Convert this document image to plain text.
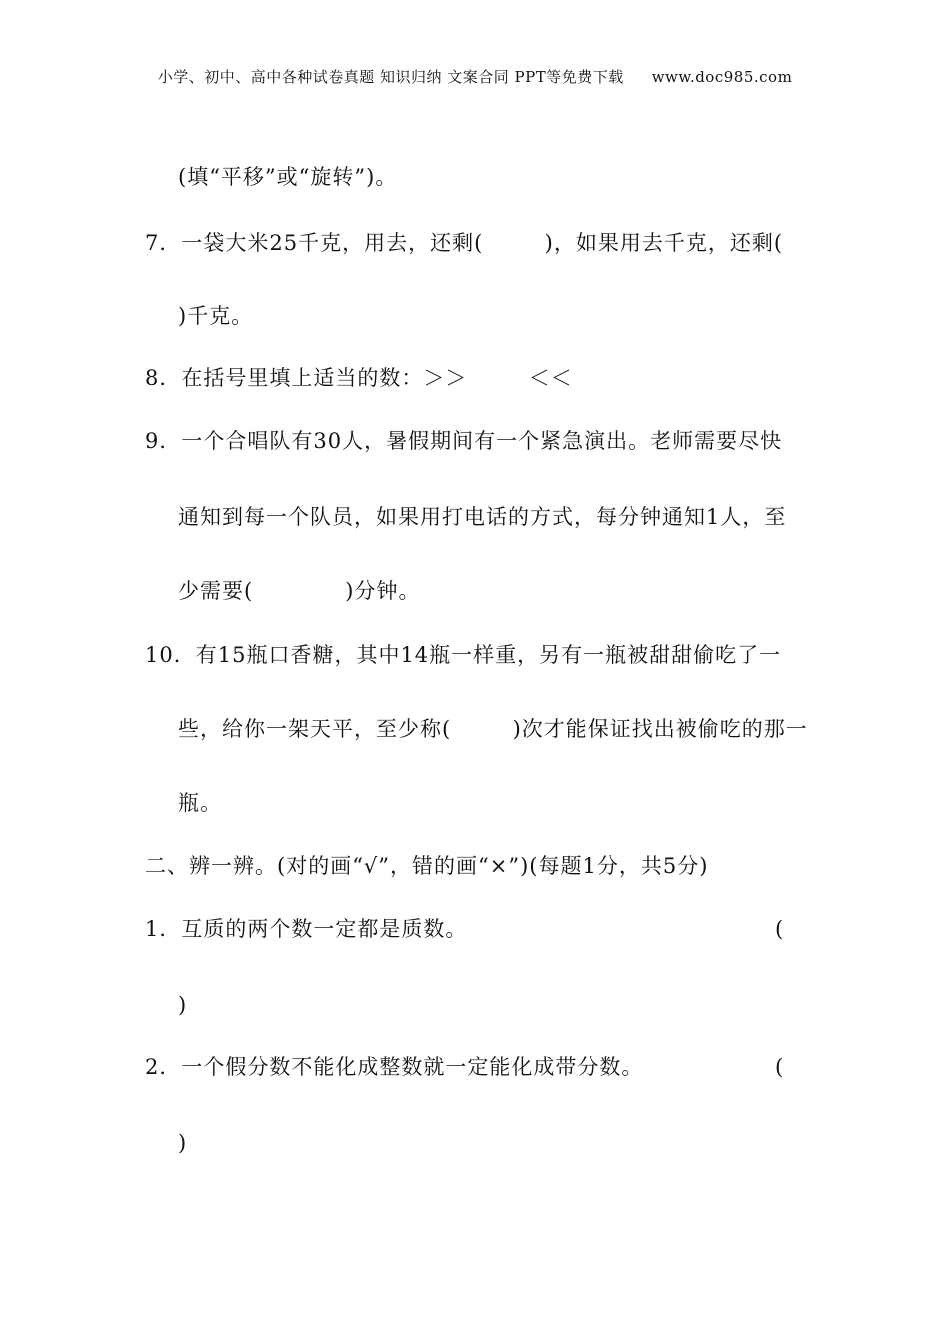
小学、初中、高中各种试卷真题 知识归纳 文案合同 PPT等免费下载 www.doc985.com
(填“平移”或“旋转”)。
7．一袋大米25千克，用去，还剩(        )，如果用去千克，还剩(
)千克。
8．在括号里填上适当的数：＞＞        ＜＜
9．一个合唱队有30人，暑假期间有一个紧急演出。老师需要尽快
通知到每一个队员，如果用打电话的方式，每分钟通知1人，至
少需要(            )分钟。
10．有15瓶口香糖，其中14瓶一样重，另有一瓶被甜甜偷吃了一
些，给你一架天平，至少称(        )次才能保证找出被偷吃的那一
瓶。
二、辨一辨。(对的画“√”，错的画“×”)(每题1分，共5分)
1．互质的两个数一定都是质数。	(
)
2．一个假分数不能化成整数就一定能化成带分数。	(
)
